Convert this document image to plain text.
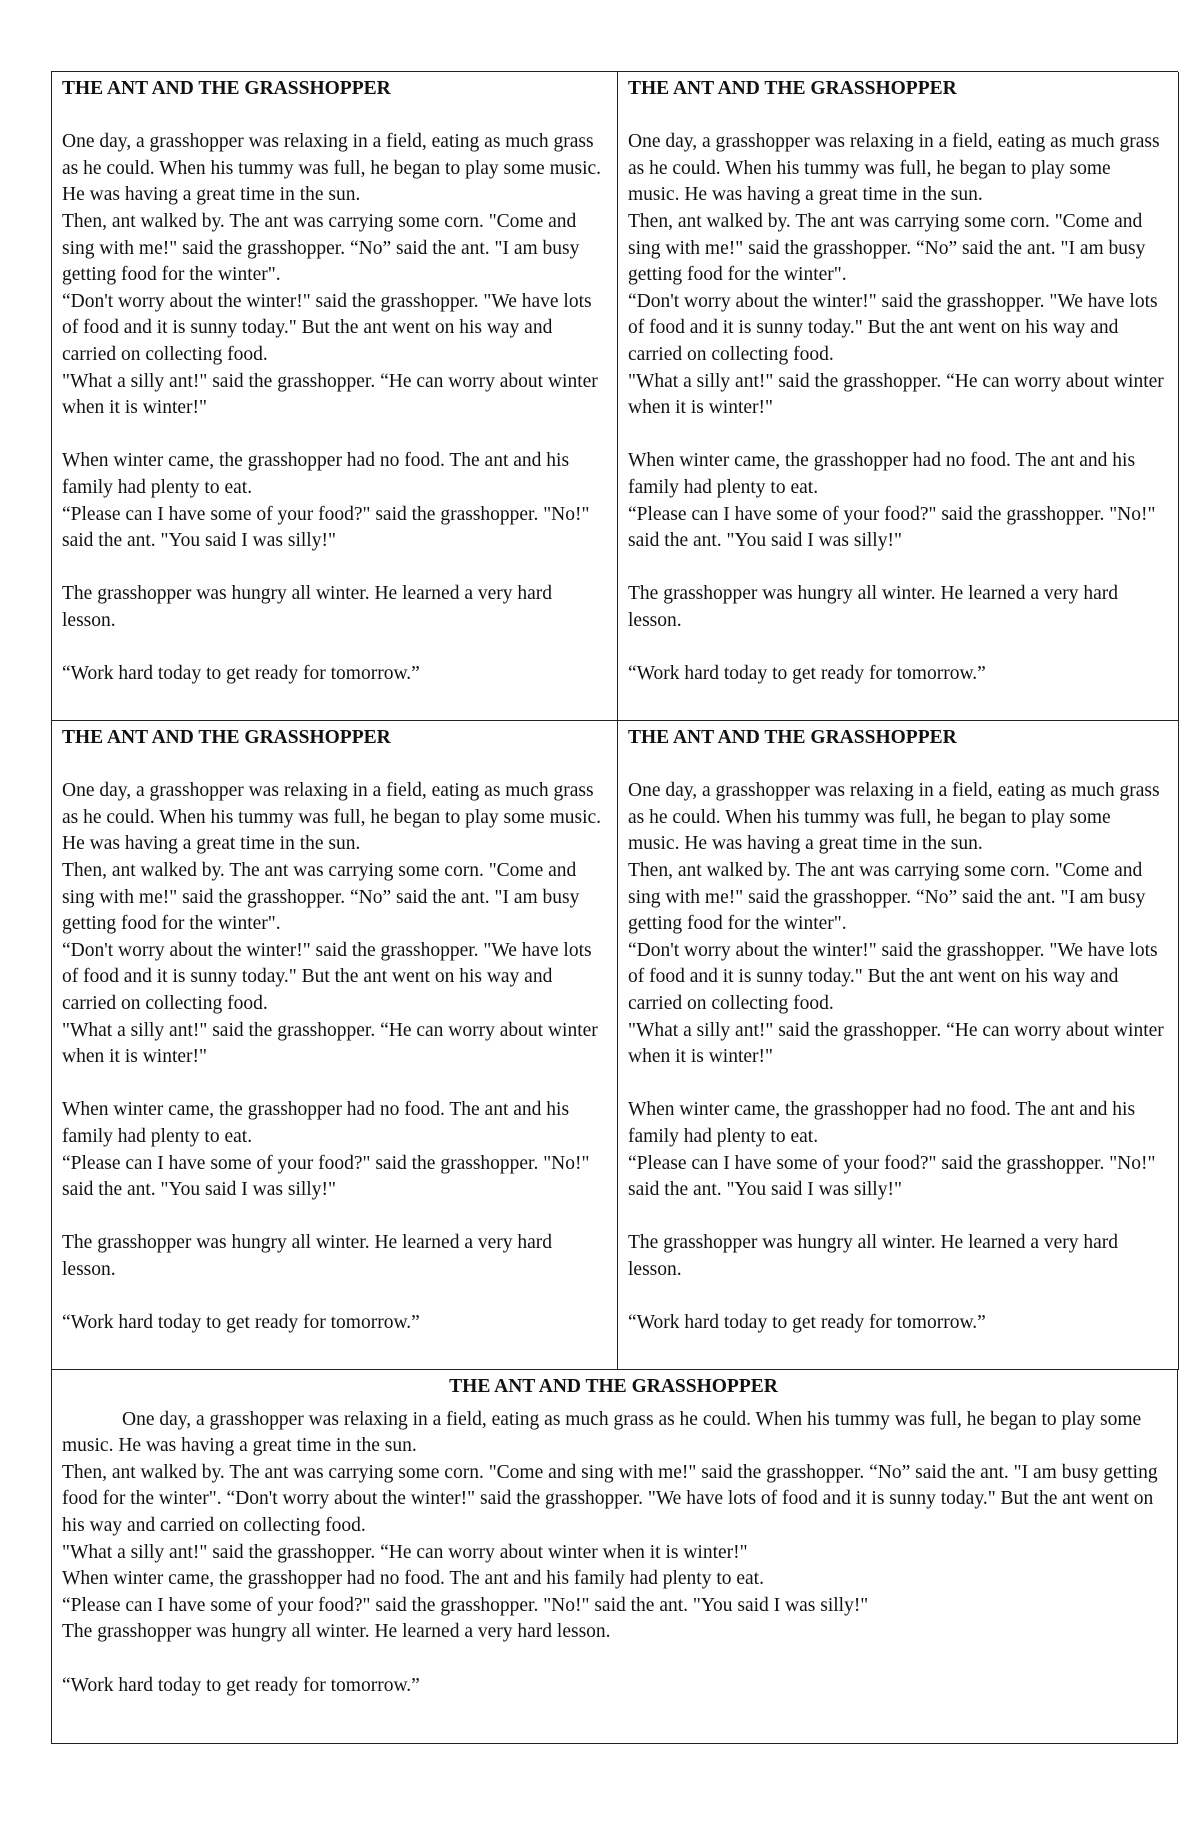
THE ANT AND THE GRASSHOPPER

One day, a grasshopper was relaxing in a field, eating as much grass as he could. When his tummy was full, he began to play some music. He was having a great time in the sun.

Then, ant walked by. The ant was carrying some corn. "Come and sing with me!" said the grasshopper. “No” said the ant. "I am busy getting food for the winter".

“Don't worry about the winter!" said the grasshopper. "We have lots of food and it is sunny today." But the ant went on his way and carried on collecting food.

"What a silly ant!" said the grasshopper. “He can worry about winter when it is winter!"

When winter came, the grasshopper had no food. The ant and his family had plenty to eat.

“Please can I have some of your food?" said the grasshopper. "No!" said the ant. "You said I was silly!"

The grasshopper was hungry all winter. He learned a very hard lesson.

“Work hard today to get ready for tomorrow.”

THE ANT AND THE GRASSHOPPER

One day, a grasshopper was relaxing in a field, eating as much grass as he could. When his tummy was full, he began to play some music. He was having a great time in the sun.

Then, ant walked by. The ant was carrying some corn. "Come and sing with me!" said the grasshopper. “No” said the ant. "I am busy getting food for the winter".

“Don't worry about the winter!" said the grasshopper. "We have lots of food and it is sunny today." But the ant went on his way and carried on collecting food.

"What a silly ant!" said the grasshopper. “He can worry about winter when it is winter!"

When winter came, the grasshopper had no food. The ant and his family had plenty to eat.

“Please can I have some of your food?" said the grasshopper. "No!" said the ant. "You said I was silly!"

The grasshopper was hungry all winter. He learned a very hard lesson.

“Work hard today to get ready for tomorrow.”

THE ANT AND THE GRASSHOPPER

One day, a grasshopper was relaxing in a field, eating as much grass as he could. When his tummy was full, he began to play some music. He was having a great time in the sun.

Then, ant walked by. The ant was carrying some corn. "Come and sing with me!" said the grasshopper. “No” said the ant. "I am busy getting food for the winter".

“Don't worry about the winter!" said the grasshopper. "We have lots of food and it is sunny today." But the ant went on his way and carried on collecting food.

"What a silly ant!" said the grasshopper. “He can worry about winter when it is winter!"

When winter came, the grasshopper had no food. The ant and his family had plenty to eat.

“Please can I have some of your food?" said the grasshopper. "No!" said the ant. "You said I was silly!"

The grasshopper was hungry all winter. He learned a very hard lesson.

“Work hard today to get ready for tomorrow.”

THE ANT AND THE GRASSHOPPER

One day, a grasshopper was relaxing in a field, eating as much grass as he could. When his tummy was full, he began to play some music. He was having a great time in the sun.

Then, ant walked by. The ant was carrying some corn. "Come and sing with me!" said the grasshopper. “No” said the ant. "I am busy getting food for the winter".

“Don't worry about the winter!" said the grasshopper. "We have lots of food and it is sunny today." But the ant went on his way and carried on collecting food.

"What a silly ant!" said the grasshopper. “He can worry about winter when it is winter!"

When winter came, the grasshopper had no food. The ant and his family had plenty to eat.

“Please can I have some of your food?" said the grasshopper. "No!" said the ant. "You said I was silly!"

The grasshopper was hungry all winter. He learned a very hard lesson.

“Work hard today to get ready for tomorrow.”

THE ANT AND THE GRASSHOPPER

One day, a grasshopper was relaxing in a field, eating as much grass as he could. When his tummy was full, he began to play some music. He was having a great time in the sun.

Then, ant walked by. The ant was carrying some corn. "Come and sing with me!" said the grasshopper. “No” said the ant. "I am busy getting food for the winter". “Don't worry about the winter!" said the grasshopper. "We have lots of food and it is sunny today." But the ant went on his way and carried on collecting food.

"What a silly ant!" said the grasshopper. “He can worry about winter when it is winter!"

When winter came, the grasshopper had no food. The ant and his family had plenty to eat.

“Please can I have some of your food?" said the grasshopper. "No!" said the ant. "You said I was silly!"

The grasshopper was hungry all winter. He learned a very hard lesson.

“Work hard today to get ready for tomorrow.”
